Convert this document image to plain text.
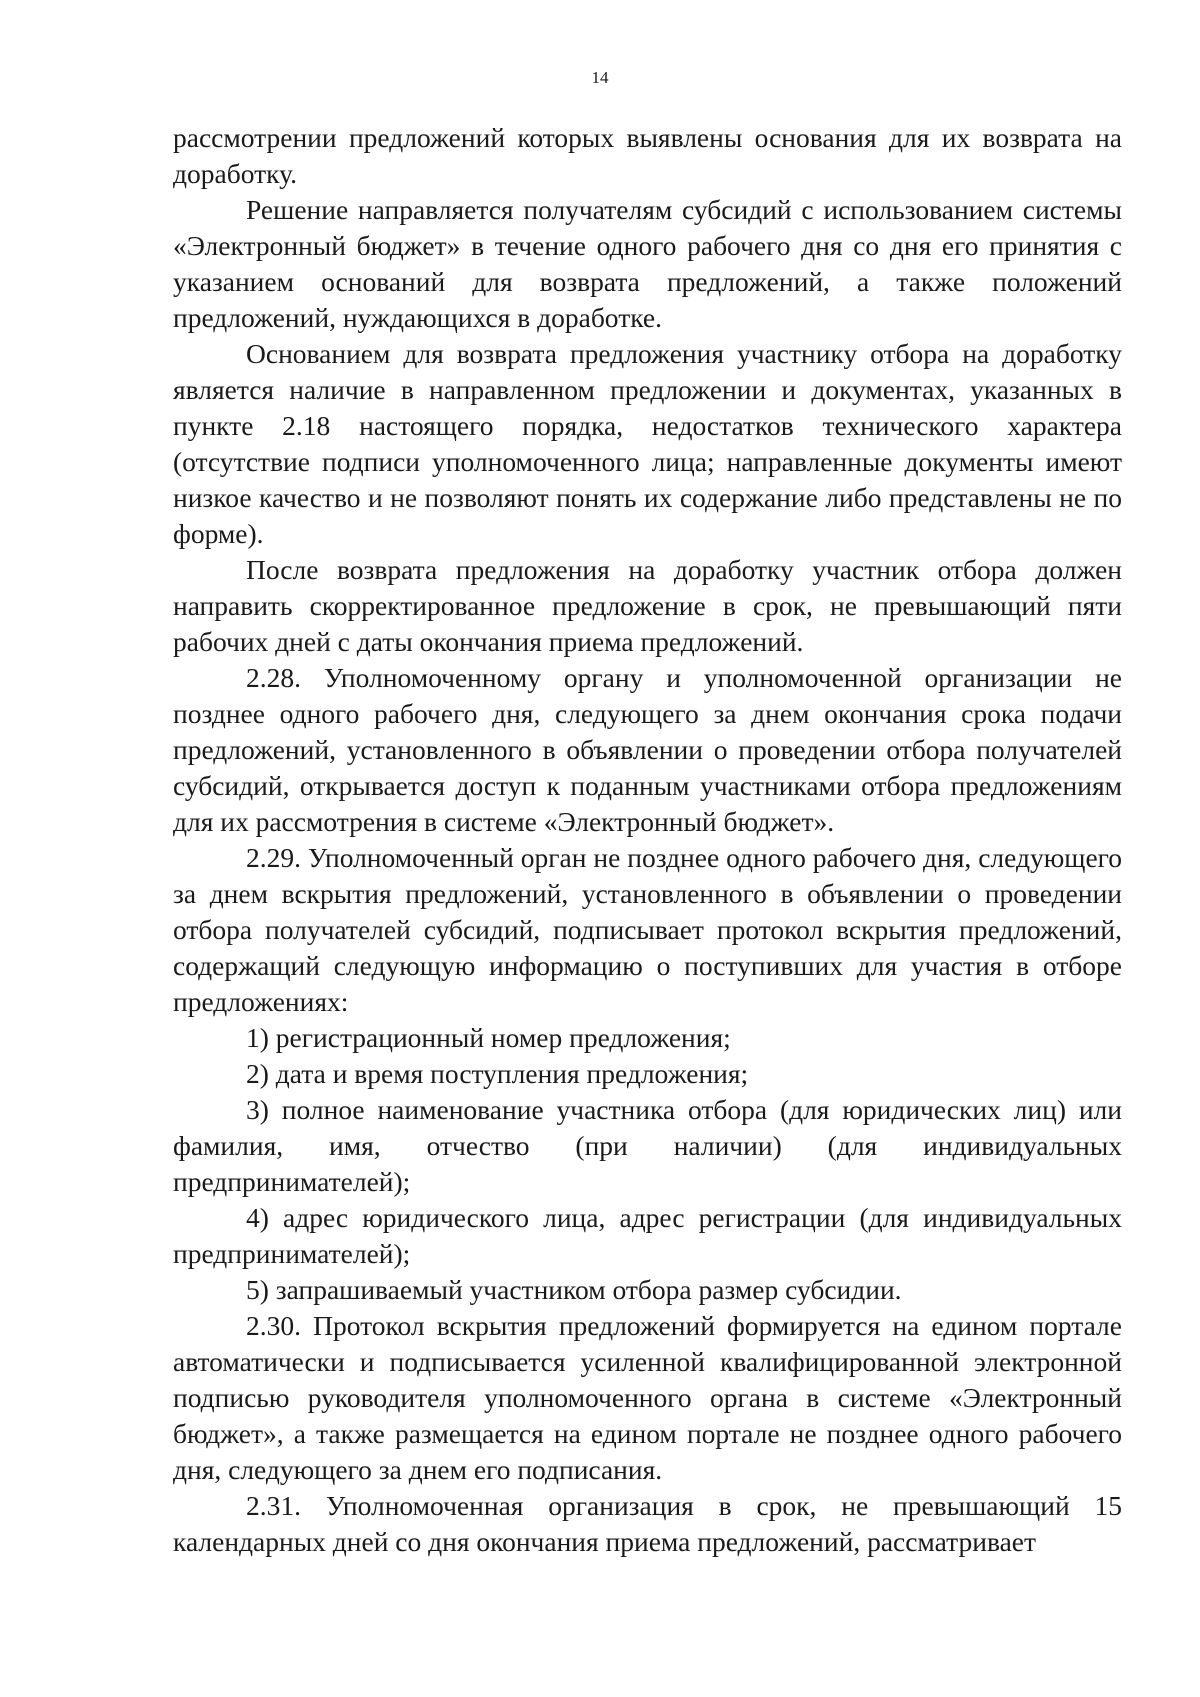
14

рассмотрении предложений которых выявлены основания для их возврата на доработку.

Решение направляется получателям субсидий с использованием системы «Электронный бюджет» в течение одного рабочего дня со дня его принятия с указанием оснований для возврата предложений, а также положений предложений, нуждающихся в доработке.

Основанием для возврата предложения участнику отбора на доработку является наличие в направленном предложении и документах, указанных в пункте 2.18 настоящего порядка, недостатков технического характера (отсутствие подписи уполномоченного лица; направленные документы имеют низкое качество и не позволяют понять их содержание либо представлены не по форме).

После возврата предложения на доработку участник отбора должен направить скорректированное предложение в срок, не превышающий пяти рабочих дней с даты окончания приема предложений.

2.28. Уполномоченному органу и уполномоченной организации не позднее одного рабочего дня, следующего за днем окончания срока подачи предложений, установленного в объявлении о проведении отбора получателей субсидий, открывается доступ к поданным участниками отбора предложениям для их рассмотрения в системе «Электронный бюджет».

2.29. Уполномоченный орган не позднее одного рабочего дня, следующего за днем вскрытия предложений, установленного в объявлении о проведении отбора получателей субсидий, подписывает протокол вскрытия предложений, содержащий следующую информацию о поступивших для участия в отборе предложениях:

1) регистрационный номер предложения;

2) дата и время поступления предложения;

3) полное наименование участника отбора (для юридических лиц) или фамилия, имя, отчество (при наличии) (для индивидуальных предпринимателей);

4) адрес юридического лица, адрес регистрации (для индивидуальных предпринимателей);

5) запрашиваемый участником отбора размер субсидии.

2.30. Протокол вскрытия предложений формируется на едином портале автоматически и подписывается усиленной квалифицированной электронной подписью руководителя уполномоченного органа в системе «Электронный бюджет», а также размещается на едином портале не позднее одного рабочего дня, следующего за днем его подписания.

2.31. Уполномоченная организация в срок, не превышающий 15 календарных дней со дня окончания приема предложений, рассматривает
